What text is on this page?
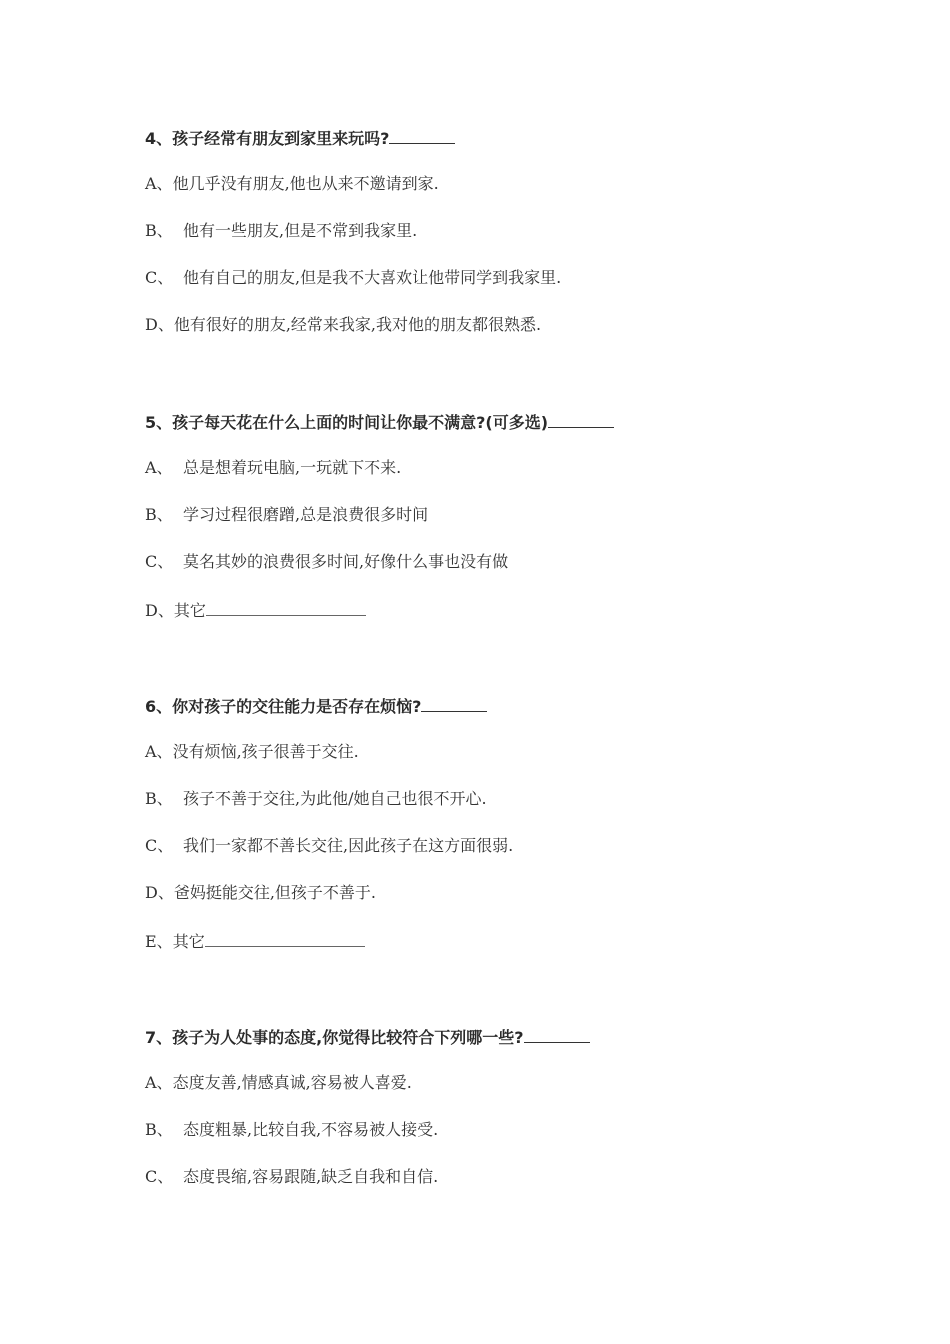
4、孩子经常有朋友到家里来玩吗?
A、他几乎没有朋友,他也从来不邀请到家.
B、 他有一些朋友,但是不常到我家里.
C、 他有自己的朋友,但是我不大喜欢让他带同学到我家里.
D、他有很好的朋友,经常来我家,我对他的朋友都很熟悉.
5、孩子每天花在什么上面的时间让你最不满意?(可多选)
A、 总是想着玩电脑,一玩就下不来.
B、 学习过程很磨蹭,总是浪费很多时间
C、 莫名其妙的浪费很多时间,好像什么事也没有做
D、其它
6、你对孩子的交往能力是否存在烦恼?
A、没有烦恼,孩子很善于交往.
B、 孩子不善于交往,为此他/她自己也很不开心.
C、 我们一家都不善长交往,因此孩子在这方面很弱.
D、爸妈挺能交往,但孩子不善于.
E、其它
7、孩子为人处事的态度,你觉得比较符合下列哪一些?
A、态度友善,情感真诚,容易被人喜爱.
B、 态度粗暴,比较自我,不容易被人接受.
C、 态度畏缩,容易跟随,缺乏自我和自信.
